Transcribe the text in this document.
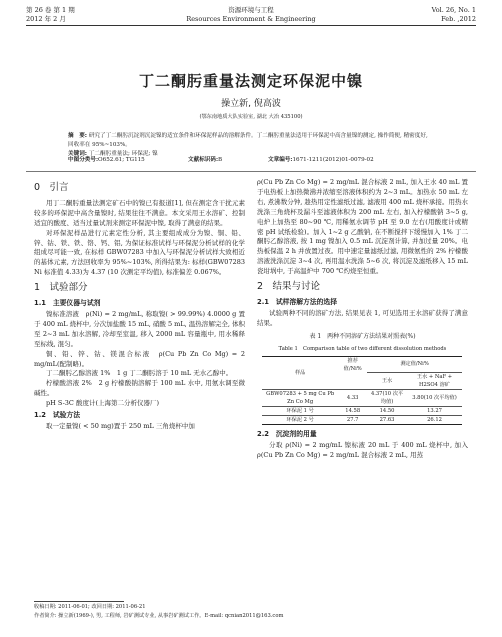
第 26 卷 第 1 期
2012 年 2 月
资源环境与工程
Resources Environment & Engineering
Vol. 26, No. 1
Feb. ,2012
丁二酮肟重量法测定环保泥中镍
操立新, 倪高波
(鄂东南地质大队实验室, 湖北 大冶 435100)
摘　要: 研究了丁二酮肟沉淀剂沉淀镍的适宜条件和环保泥样品的溶解条件。丁二酮肟重量法适用于环保泥中高含量镍的测定, 操作简便, 精密度好, 回收率在 95%~103%。
关键词: 丁二酮肟重量法; 环保泥; 镍
中图分类号:O652.61; TG115	文献标识码:B	文章编号:1671-1211(2012)01-0079-02
0　引言

用丁二酮肟重量法测定矿石中的镍已有报道[1], 但在测定含干扰元素较多的环保泥中高含量镍时, 结果往往不满意。本文采用王水溶矿、控制适宜的酸度、适当过量试剂来测定环保泥中镍, 取得了满意的结果。

对环保泥样品进行元素定性分析, 其主要组成成分为镍、铜、铅、锌、钴、铁、铁、铬、钙、铝, 为保证标准试样与环保泥分析试样的化学组成尽可能一致, 在标样 GBW07283 中加入与环保泥分析试样大致相近的基体元素, 方法回收率为 95%~103%, 所得结果为: 标样(GBW07283 Ni 标准值 4.33)为 4.37 (10 次测定平均值), 标准偏差 0.067%。

1　试验部分
1.1　主要仪器与试剂

镍标准溶液　ρ(Ni) = 2 mg/mL, 称取镍( > 99.99%) 4.0000 g 置于 400 mL 烧杯中, 分次加盐酸 15 mL, 硝酸 5 mL, 温热溶解完全, 体积至 2~3 mL 加水溶解, 冷却至室温, 移入 2000 mL 容量瓶中, 用水稀释至标线, 混匀。

铜、铅、锌、钴、镁混合标液　ρ(Cu Pb Zn Co Mg) = 2 mg/mL(配制略)。

丁二酮肟乙醇溶液 1%　1 g 丁二酮肟溶于 10 mL 无水乙醇中。

柠檬酸溶液 2%　2 g 柠檬酸钠溶解于 100 mL 水中, 用氨水调至微碱性。

pH S-3C 酸度计(上海第二分析仪器厂)

1.2　试验方法

取一定量镍( < 50 mg)置于 250 mL 三角烧杯中加

ρ(Cu Pb Zn Co Mg) = 2 mg/mL 混合标液 2 mL, 加入王水 40 mL 置于电热板上加热微沸并浓缩至溶液体积约为 2~3 mL。加热水 50 mL 左右, 煮沸数分钟, 趁热用定性滤纸过滤, 滤液用 400 mL 烧杯承接。用热水洗涤三角烧杯及漏斗至滤液体积为 200 mL 左右, 加入柠檬酸钠 3~5 g, 电炉上加热至 80~90 ℃, 用稀氨水调节 pH 至 9.0 左右(用酸度计或精密 pH 试纸检验)。加入 1~2 g 乙酸钠, 在不断搅拌下缓慢加入 1% 丁二酮肟乙醇溶液, 按 1 mg 镍加入 0.5 mL 沉淀剂计算, 并加过量 20%。电热板保温 2 h 并放置过夜。用中速定量滤纸过滤, 用微氨性的 2% 柠檬酸溶液洗涤沉淀 3~4 次, 再用温水洗涤 5~6 次, 将沉淀及滤纸移入 15 mL 瓷坩埚中, 于高温炉中 700 ℃灼烧至恒重。

2　结果与讨论
2.1　试样溶解方法的选择

试验两种不同的溶矿方法, 结果见表 1, 可见选用王水溶矿获得了满意结果。

表 1　两种不同溶矿方法结果对照表(%)
Table 1　Comparison table of two different dissolution methods
样品	推荐值/Ni%	测定值/Ni%	
		王水	王水 + NaF + H2SO4 溶矿
GBW07283 + 5 mg Cu Pb Zn Co Mg	4.33	4.37(10 次平均值)	3.80(10 次平均值)
环保泥 1 号	14.58	14.50	13.27
环保泥 2 号	27.7	27.63	26.12
2.2　沉淀剂的用量

分取 ρ(Ni) = 2 mg/mL 镍标液 20 mL 于 400 mL 烧杯中, 加入 ρ(Cu Pb Zn Co Mg) = 2 mg/mL 混合标液 2 mL, 用蒸

收稿日期: 2011-06-01; 改回日期: 2011-06-21
作者简介: 操立新(1969-), 男, 工程师, 岩矿测试专业, 从事岩矿测试工作。E-mail: qcnian2011@163.com
